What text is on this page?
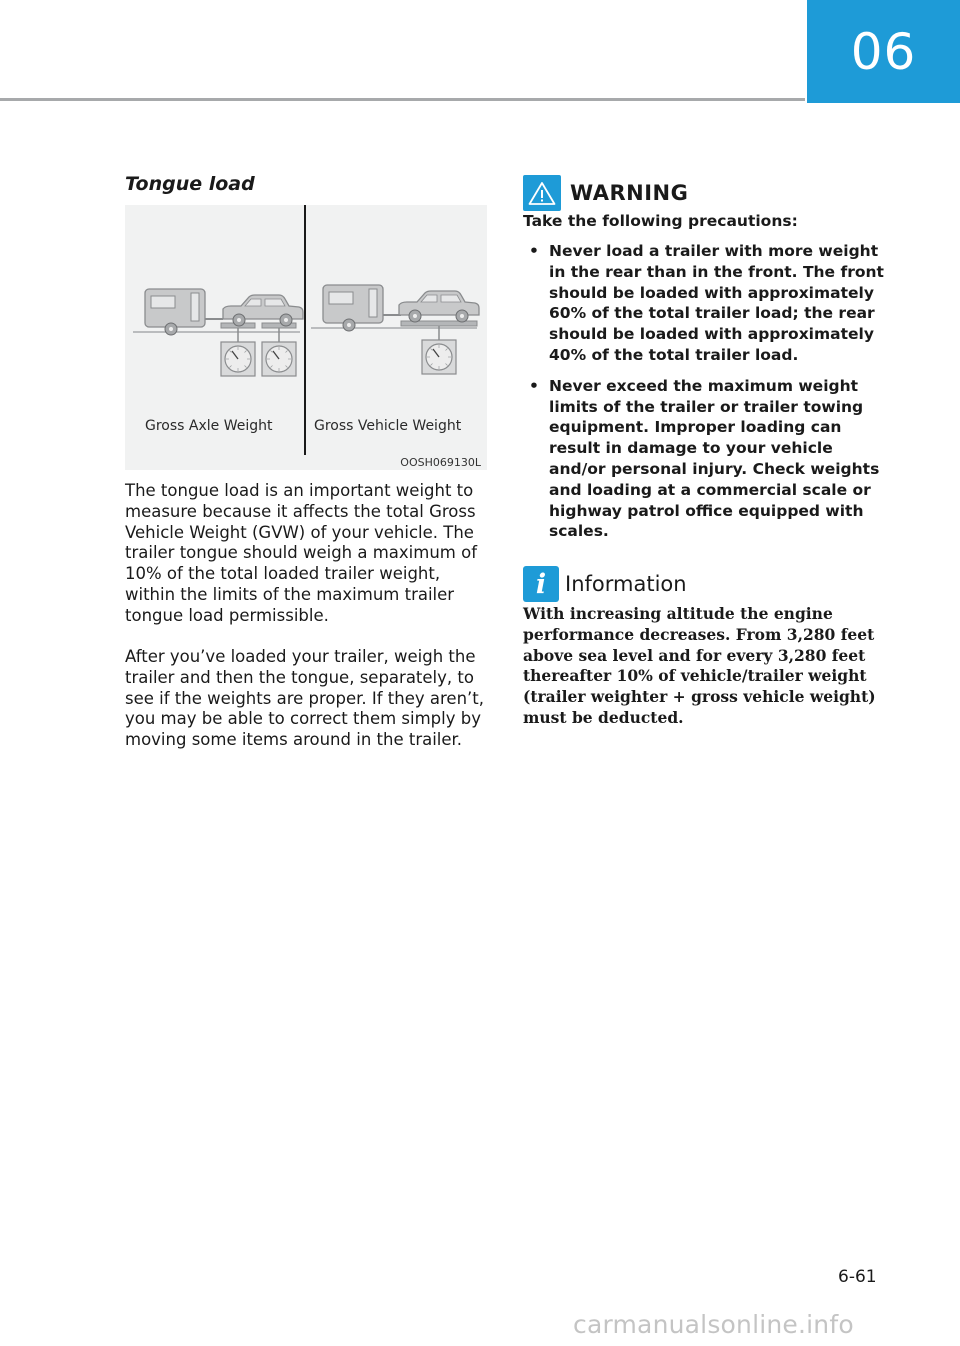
06
Tongue load
Gross Axle Weight	Gross Vehicle Weight
OOSH069130L

The tongue load is an important weight to measure because it affects the total Gross Vehicle Weight (GVW) of your vehicle. The trailer tongue should weigh a maximum of 10% of the total loaded trailer weight, within the limits of the maximum trailer tongue load permissible.

After you’ve loaded your trailer, weigh the trailer and then the tongue, separately, to see if the weights are proper. If they aren’t, you may be able to correct them simply by moving some items around in the trailer.

WARNING

Take the following precautions:

• Never load a trailer with more weight in the rear than in the front. The front should be loaded with approximately 60% of the total trailer load; the rear should be loaded with approximately 40% of the total trailer load.
• Never exceed the maximum weight limits of the trailer or trailer towing equipment. Improper loading can result in damage to your vehicle and/or personal injury. Check weights and loading at a commercial scale or highway patrol office equipped with scales.
i Information

With increasing altitude the engine performance decreases. From 3,280 feet above sea level and for every 3,280 feet thereafter 10% of vehicle/trailer weight (trailer weighter + gross vehicle weight) must be deducted.

6-61
carmanualsonline.info
